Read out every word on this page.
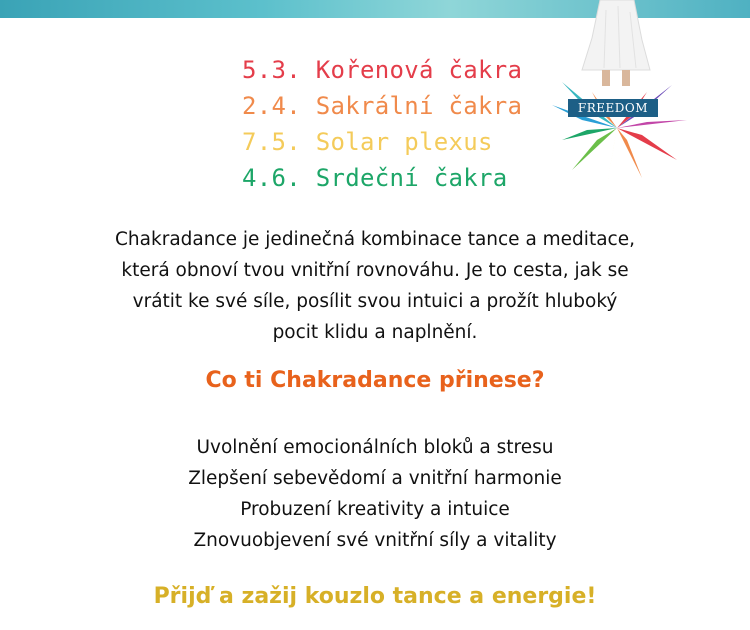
5.3. Kořenová čakra
2.4. Sakrální čakra
7.5. Solar plexus
4.6. Srdeční čakra
FREEDOM
Chakradance je jedinečná kombinace tance a meditace,
která obnoví tvou vnitřní rovnováhu. Je to cesta, jak se
vrátit ke své síle, posílit svou intuici a prožít hluboký
pocit klidu a naplnění.
Co ti Chakradance přinese?
Uvolnění emocionálních bloků a stresu
Zlepšení sebevědomí a vnitřní harmonie
Probuzení kreativity a intuice
Znovuobjevení své vnitřní síly a vitality
Přijď a zažij kouzlo tance a energie!
